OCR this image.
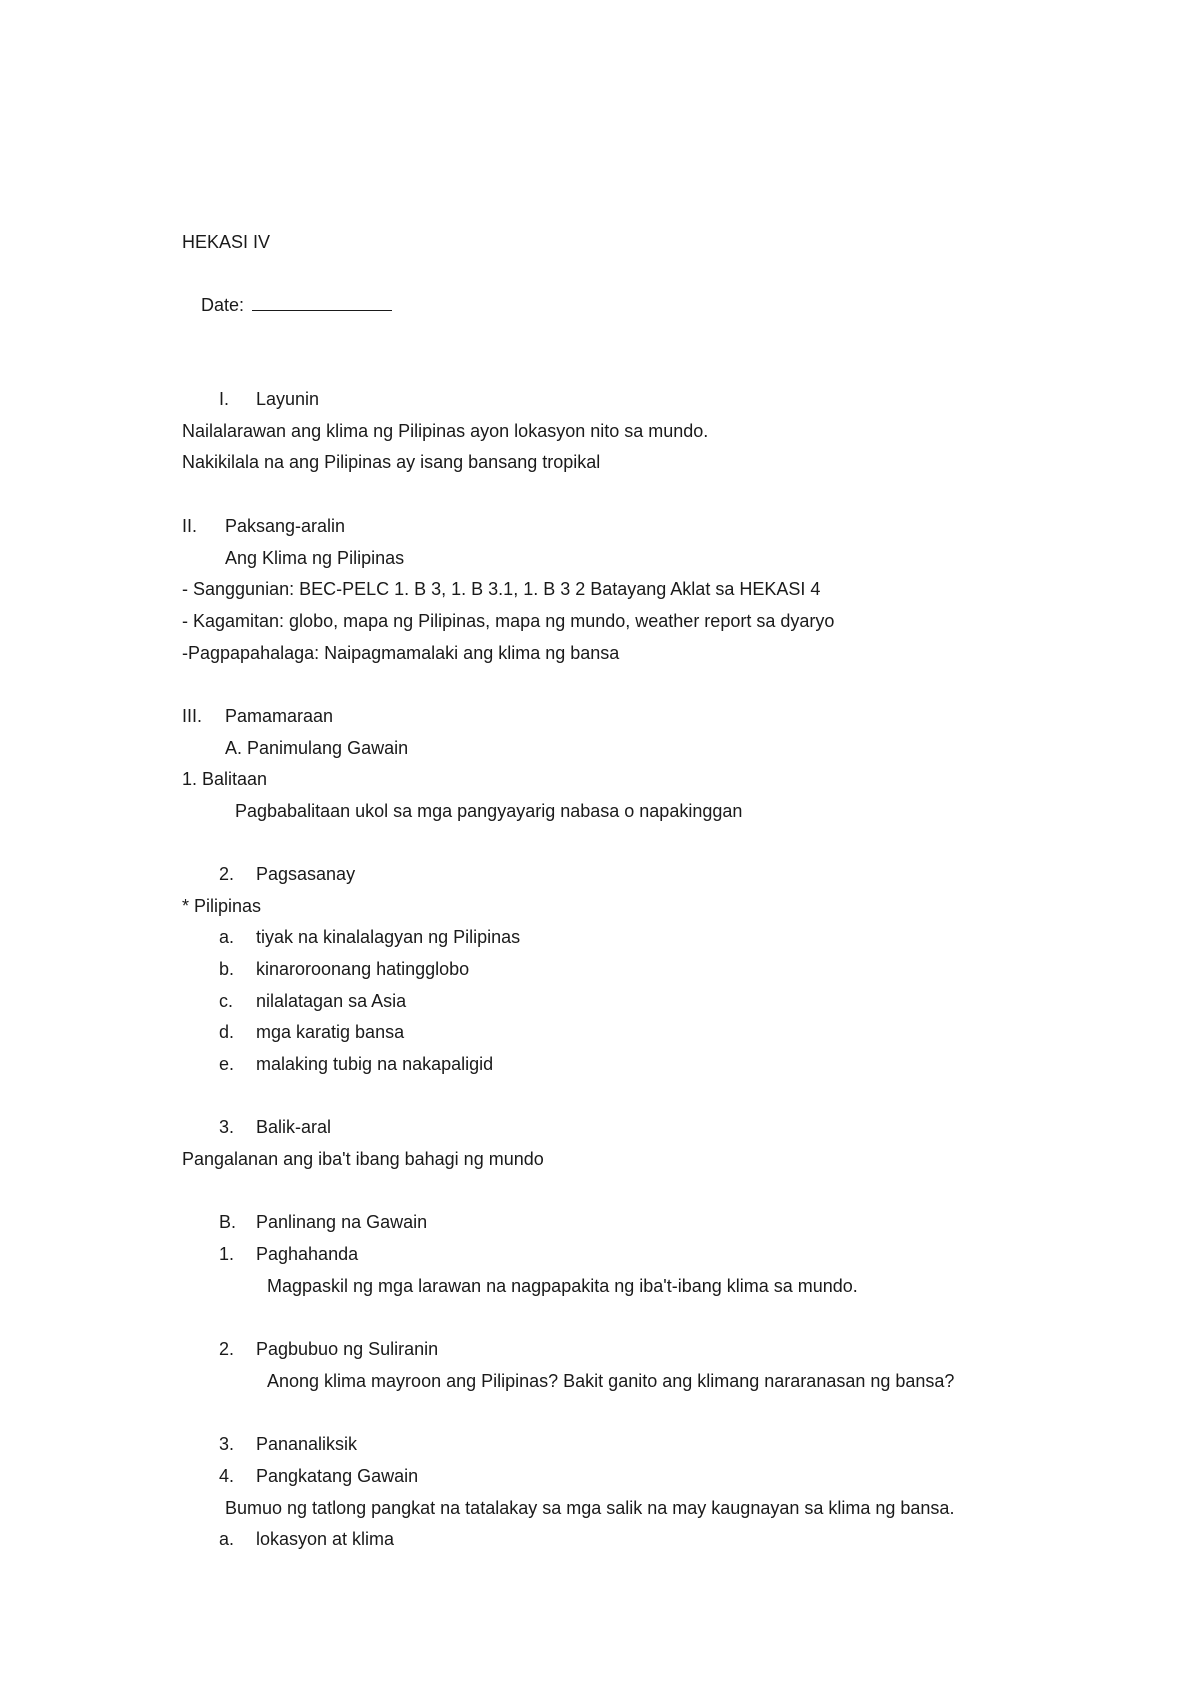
HEKASI IV
Date:
I. Layunin
Nailalarawan ang klima ng Pilipinas ayon lokasyon nito sa mundo.
Nakikilala na ang Pilipinas ay isang bansang tropikal
II. Paksang-aralin
Ang Klima ng Pilipinas
- Sanggunian: BEC-PELC 1. B 3, 1. B 3.1, 1. B 3 2 Batayang Aklat sa HEKASI 4
- Kagamitan: globo, mapa ng Pilipinas, mapa ng mundo, weather report sa dyaryo
-Pagpapahalaga: Naipagmamalaki ang klima ng bansa
III. Pamamaraan
A. Panimulang Gawain
1. Balitaan
Pagbabalitaan ukol sa mga pangyayarig nabasa o napakinggan
2. Pagsasanay
* Pilipinas
a. tiyak na kinalalagyan ng Pilipinas
b. kinaroroonang hatingglobo
c. nilalatagan sa Asia
d. mga karatig bansa
e. malaking tubig na nakapaligid
3. Balik-aral
Pangalanan ang iba't ibang bahagi ng mundo
B. Panlinang na Gawain
1. Paghahanda
Magpaskil ng mga larawan na nagpapakita ng iba't-ibang klima sa mundo.
2. Pagbubuo ng Suliranin
Anong klima mayroon ang Pilipinas? Bakit ganito ang klimang nararanasan ng bansa?
3. Pananaliksik
4. Pangkatang Gawain
Bumuo ng tatlong pangkat na tatalakay sa mga salik na may kaugnayan sa klima ng bansa.
a. lokasyon at klima
